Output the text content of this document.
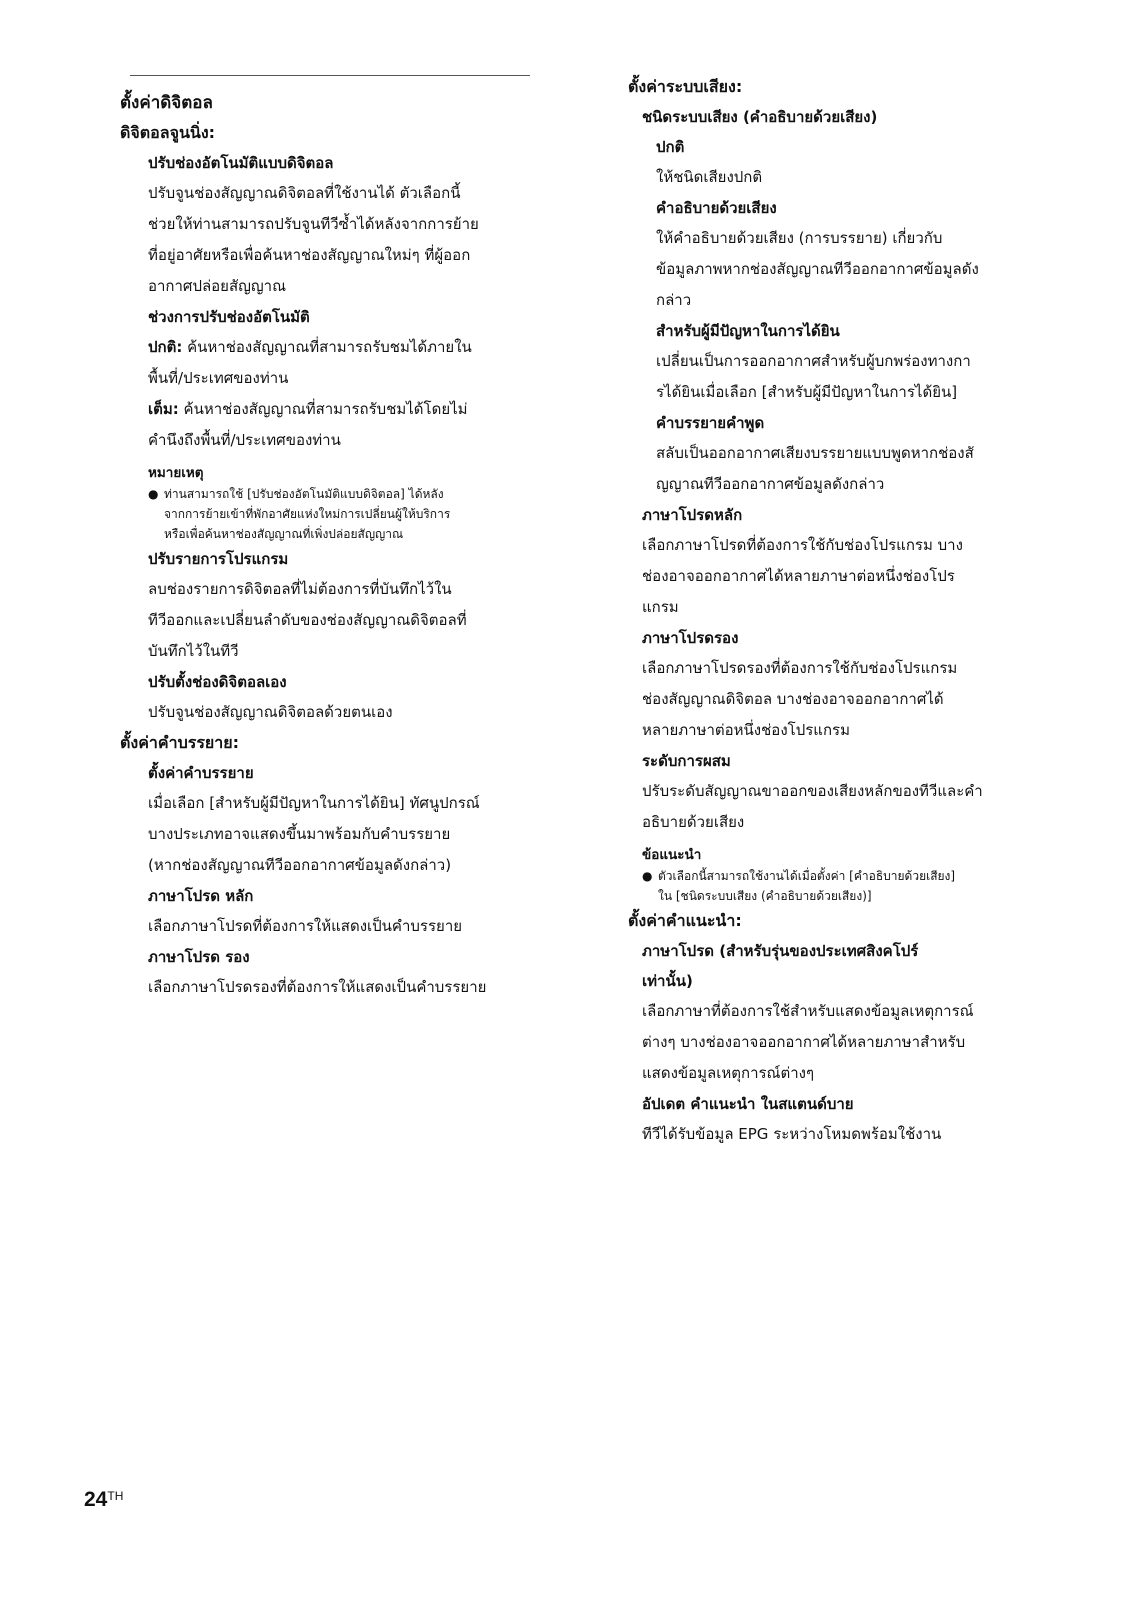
ตั้งค่าดิจิตอล

ดิจิตอลจูนนิ่ง:

ปรับช่องอัตโนมัติแบบดิจิตอล

ปรับจูนช่องสัญญาณดิจิตอลที่ใช้งานได้ ตัวเลือกนี้

ช่วยให้ท่านสามารถปรับจูนทีวีซ้ำได้หลังจากการย้าย

ที่อยู่อาศัยหรือเพื่อค้นหาช่องสัญญาณใหม่ๆ ที่ผู้ออก

อากาศปล่อยสัญญาณ

ช่วงการปรับช่องอัตโนมัติ

ปกติ: ค้นหาช่องสัญญาณที่สามารถรับชมได้ภายใน

พื้นที่/ประเทศของท่าน

เต็ม: ค้นหาช่องสัญญาณที่สามารถรับชมได้โดยไม่

คำนึงถึงพื้นที่/ประเทศของท่าน

หมายเหตุ

● ท่านสามารถใช้ [ปรับช่องอัตโนมัติแบบดิจิตอล] ได้หลัง

จากการย้ายเข้าที่พักอาศัยแห่งใหม่การเปลี่ยนผู้ให้บริการ

หรือเพื่อค้นหาช่องสัญญาณที่เพิ่งปล่อยสัญญาณ

ปรับรายการโปรแกรม

ลบช่องรายการดิจิตอลที่ไม่ต้องการที่บันทึกไว้ใน

ทีวีออกและเปลี่ยนลำดับของช่องสัญญาณดิจิตอลที่

บันทึกไว้ในทีวี

ปรับตั้งช่องดิจิตอลเอง

ปรับจูนช่องสัญญาณดิจิตอลด้วยตนเอง

ตั้งค่าคำบรรยาย:

ตั้งค่าคำบรรยาย

เมื่อเลือก [สำหรับผู้มีปัญหาในการได้ยิน] ทัศนูปกรณ์

บางประเภทอาจแสดงขึ้นมาพร้อมกับคำบรรยาย

(หากช่องสัญญาณทีวีออกอากาศข้อมูลดังกล่าว)

ภาษาโปรด หลัก

เลือกภาษาโปรดที่ต้องการให้แสดงเป็นคำบรรยาย

ภาษาโปรด รอง

เลือกภาษาโปรดรองที่ต้องการให้แสดงเป็นคำบรรยาย

ตั้งค่าระบบเสียง:

ชนิดระบบเสียง (คำอธิบายด้วยเสียง)

ปกติ

ให้ชนิดเสียงปกติ

คำอธิบายด้วยเสียง

ให้คำอธิบายด้วยเสียง (การบรรยาย) เกี่ยวกับ

ข้อมูลภาพหากช่องสัญญาณทีวีออกอากาศข้อมูลดัง

กล่าว

สำหรับผู้มีปัญหาในการได้ยิน

เปลี่ยนเป็นการออกอากาศสำหรับผู้บกพร่องทางกา

รได้ยินเมื่อเลือก [สำหรับผู้มีปัญหาในการได้ยิน]

คำบรรยายคำพูด

สลับเป็นออกอากาศเสียงบรรยายแบบพูดหากช่องสั

ญญาณทีวีออกอากาศข้อมูลดังกล่าว

ภาษาโปรดหลัก

เลือกภาษาโปรดที่ต้องการใช้กับช่องโปรแกรม บาง

ช่องอาจออกอากาศได้หลายภาษาต่อหนึ่งช่องโปร

แกรม

ภาษาโปรดรอง

เลือกภาษาโปรดรองที่ต้องการใช้กับช่องโปรแกรม

ช่องสัญญาณดิจิตอล บางช่องอาจออกอากาศได้

หลายภาษาต่อหนึ่งช่องโปรแกรม

ระดับการผสม

ปรับระดับสัญญาณขาออกของเสียงหลักของทีวีและคำ

อธิบายด้วยเสียง

ข้อแนะนำ

● ตัวเลือกนี้สามารถใช้งานได้เมื่อตั้งค่า [คำอธิบายด้วยเสียง]

ใน [ชนิดระบบเสียง (คำอธิบายด้วยเสียง)]

ตั้งค่าคำแนะนำ:

ภาษาโปรด (สำหรับรุ่นของประเทศสิงคโปร์

เท่านั้น)

เลือกภาษาที่ต้องการใช้สำหรับแสดงข้อมูลเหตุการณ์

ต่างๆ บางช่องอาจออกอากาศได้หลายภาษาสำหรับ

แสดงข้อมูลเหตุการณ์ต่างๆ

อัปเดต คำแนะนำ ในสแตนด์บาย

ทีวีได้รับข้อมูล EPG ระหว่างโหมดพร้อมใช้งาน

24TH
